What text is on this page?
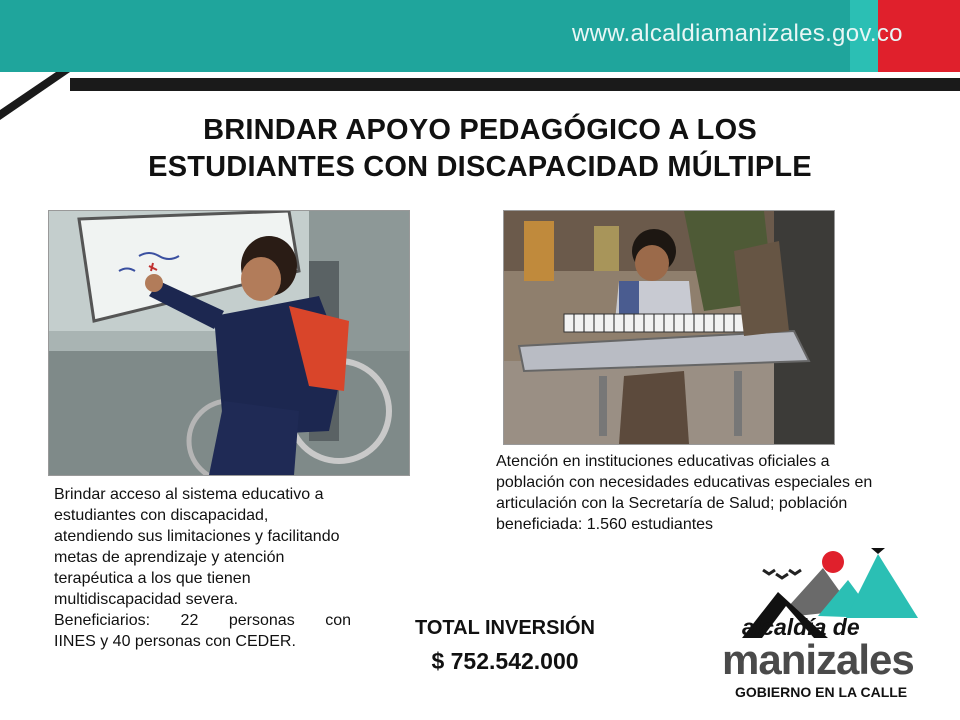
www.alcaldiamanizales.gov.co
BRINDAR APOYO PEDAGÓGICO A LOS
ESTUDIANTES CON DISCAPACIDAD MÚLTIPLE

Brindar acceso al sistema educativo a estudiantes con discapacidad, atendiendo sus limitaciones y facilitando metas de aprendizaje y atención terapéutica a los que tienen multidiscapacidad severa.

Beneficiarios: 22 personas con

IINES y 40 personas con CEDER.

Atención en instituciones educativas oficiales a población con necesidades educativas especiales en articulación con la Secretaría de Salud; población beneficiada: 1.560 estudiantes
TOTAL INVERSIÓN
$ 752.542.000
alcaldía de
manizales
GOBIERNO EN LA CALLE
